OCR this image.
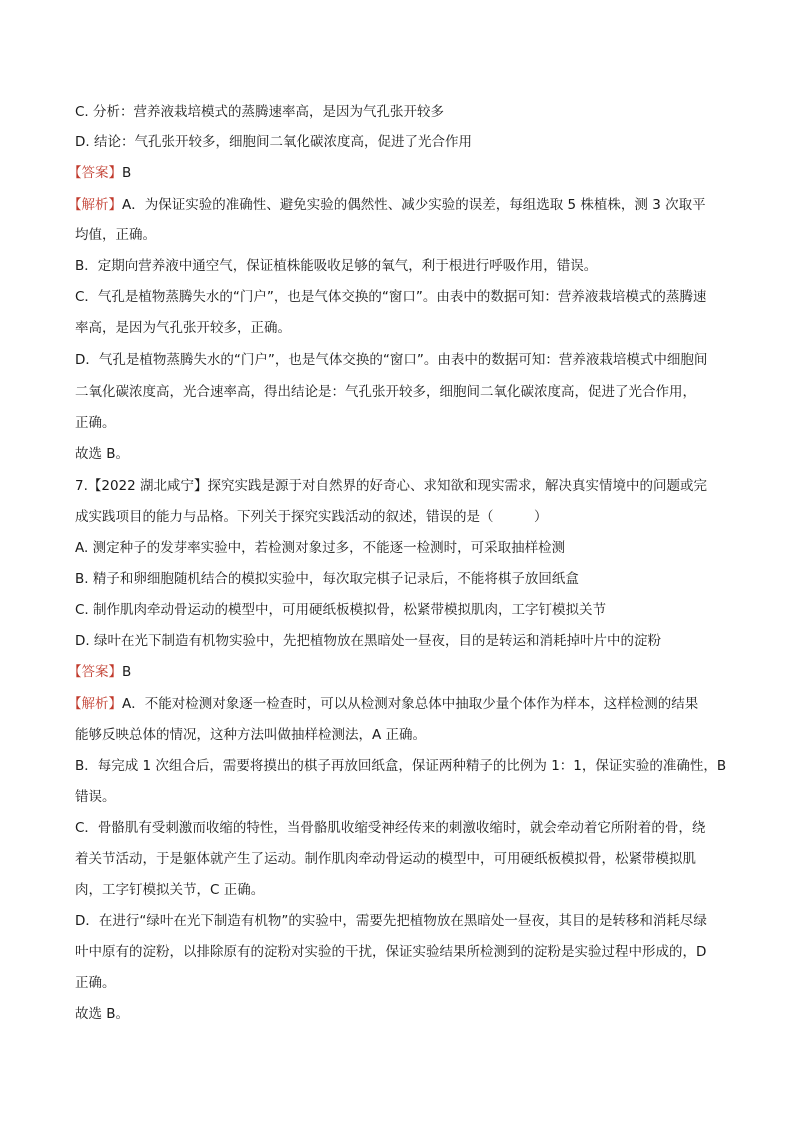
C. 分析：营养液栽培模式的蒸腾速率高，是因为气孔张开较多
D. 结论：气孔张开较多，细胞间二氧化碳浓度高，促进了光合作用
【答案】B
【解析】A．为保证实验的准确性、避免实验的偶然性、减少实验的误差，每组选取 5 株植株，测 3 次取平
均值，正确。
B．定期向营养液中通空气，保证植株能吸收足够的氧气，利于根进行呼吸作用，错误。
C．气孔是植物蒸腾失水的“门户”，也是气体交换的“窗口”。由表中的数据可知：营养液栽培模式的蒸腾速
率高，是因为气孔张开较多，正确。
D．气孔是植物蒸腾失水的“门户”，也是气体交换的“窗口”。由表中的数据可知：营养液栽培模式中细胞间
二氧化碳浓度高，光合速率高，得出结论是：气孔张开较多，细胞间二氧化碳浓度高，促进了光合作用，
正确。
故选 B。
7.【2022 湖北咸宁】探究实践是源于对自然界的好奇心、求知欲和现实需求，解决真实情境中的问题或完
成实践项目的能力与品格。下列关于探究实践活动的叙述，错误的是（　　　）
A. 测定种子的发芽率实验中，若检测对象过多，不能逐一检测时，可采取抽样检测
B. 精子和卵细胞随机结合的模拟实验中，每次取完棋子记录后，不能将棋子放回纸盒
C. 制作肌肉牵动骨运动的模型中，可用硬纸板模拟骨，松紧带模拟肌肉，工字钉模拟关节
D. 绿叶在光下制造有机物实验中，先把植物放在黑暗处一昼夜，目的是转运和消耗掉叶片中的淀粉
【答案】B
【解析】A．不能对检测对象逐一检查时，可以从检测对象总体中抽取少量个体作为样本，这样检测的结果
能够反映总体的情况，这种方法叫做抽样检测法，A 正确。
B．每完成 1 次组合后，需要将摸出的棋子再放回纸盒，保证两种精子的比例为 1：1，保证实验的准确性，B
错误。
C．骨骼肌有受刺激而收缩的特性，当骨骼肌收缩受神经传来的刺激收缩时，就会牵动着它所附着的骨，绕
着关节活动，于是躯体就产生了运动。制作肌肉牵动骨运动的模型中，可用硬纸板模拟骨，松紧带模拟肌
肉，工字钉模拟关节，C 正确。
D．在进行“绿叶在光下制造有机物”的实验中，需要先把植物放在黑暗处一昼夜，其目的是转移和消耗尽绿
叶中原有的淀粉，以排除原有的淀粉对实验的干扰，保证实验结果所检测到的淀粉是实验过程中形成的，D
正确。
故选 B。
